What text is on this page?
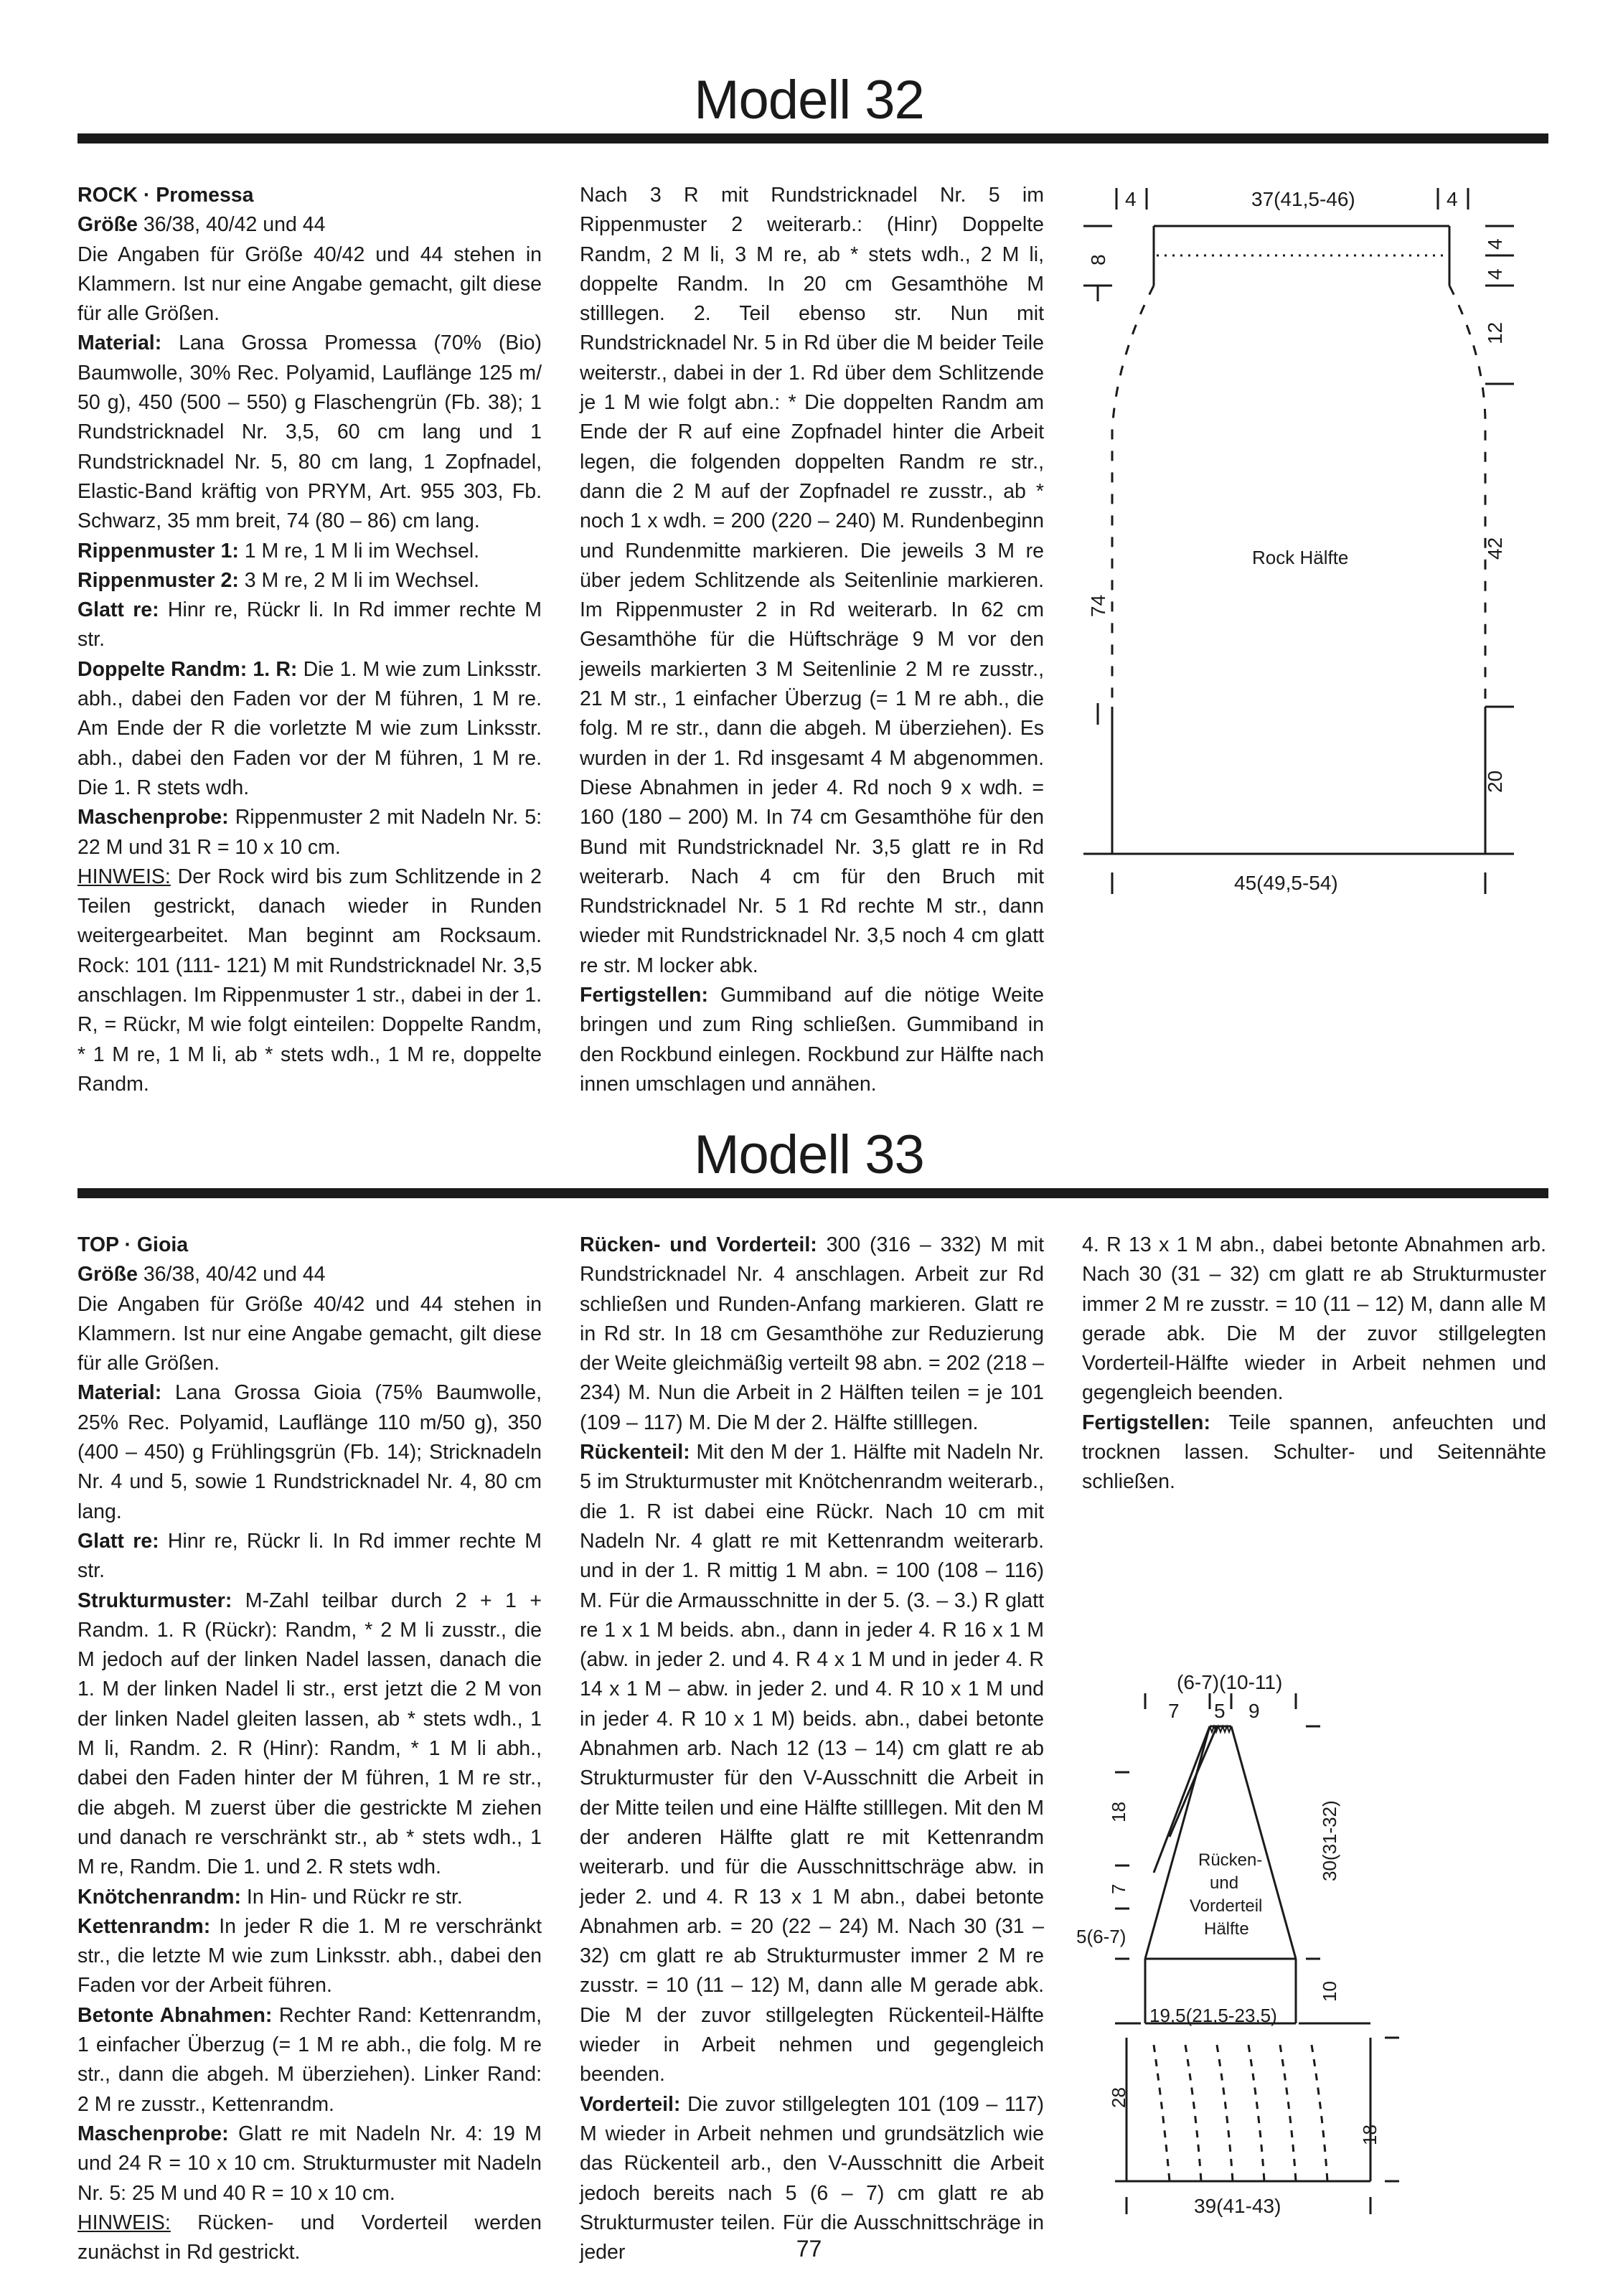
Modell 32

ROCK · Promessa

Größe 36/38, 40/42 und 44

Die Angaben für Größe 40/42 und 44 stehen in Klammern. Ist nur eine Angabe gemacht, gilt diese für alle Größen.

Material: Lana Grossa Promessa (70% (Bio) Baumwolle, 30% Rec. Polyamid, Lauflänge 125 m/ 50 g), 450 (500 – 550) g Flaschengrün (Fb. 38); 1 Rundstricknadel Nr. 3,5, 60 cm lang und 1 Rundstricknadel Nr. 5, 80 cm lang, 1 Zopfnadel, Elastic-Band kräftig von PRYM, Art. 955 303, Fb. Schwarz, 35 mm breit, 74 (80 – 86) cm lang.

Rippenmuster 1: 1 M re, 1 M li im Wechsel.

Rippenmuster 2: 3 M re, 2 M li im Wechsel.

Glatt re: Hinr re, Rückr li. In Rd immer rechte M str.

Doppelte Randm: 1. R: Die 1. M wie zum Linksstr. abh., dabei den Faden vor der M führen, 1 M re. Am Ende der R die vorletzte M wie zum Linksstr. abh., dabei den Faden vor der M führen, 1 M re. Die 1. R stets wdh.

Maschenprobe: Rippenmuster 2 mit Nadeln Nr. 5: 22 M und 31 R = 10 x 10 cm.

HINWEIS: Der Rock wird bis zum Schlitzende in 2 Teilen gestrickt, danach wieder in Runden weitergearbeitet. Man beginnt am Rocksaum. Rock: 101 (111- 121) M mit Rundstricknadel Nr. 3,5 anschlagen. Im Rippenmuster 1 str., dabei in der 1. R, = Rückr, M wie folgt einteilen: Doppelte Randm, * 1 M re, 1 M li, ab * stets wdh., 1 M re, doppelte Randm.

Nach 3 R mit Rundstricknadel Nr. 5 im Rippenmuster 2 weiterarb.: (Hinr) Doppelte Randm, 2 M li, 3 M re, ab * stets wdh., 2 M li, doppelte Randm. In 20 cm Gesamthöhe M stilllegen. 2. Teil ebenso str. Nun mit Rundstricknadel Nr. 5 in Rd über die M beider Teile weiterstr., dabei in der 1. Rd über dem Schlitzende je 1 M wie folgt abn.: * Die doppelten Randm am Ende der R auf eine Zopfnadel hinter die Arbeit legen, die folgenden doppelten Randm re str., dann die 2 M auf der Zopfnadel re zusstr., ab * noch 1 x wdh. = 200 (220 – 240) M. Rundenbeginn und Rundenmitte markieren. Die jeweils 3 M re über jedem Schlitzende als Seitenlinie markieren. Im Rippenmuster 2 in Rd weiterarb. In 62 cm Gesamthöhe für die Hüftschräge 9 M vor den jeweils markierten 3 M Seitenlinie 2 M re zusstr., 21 M str., 1 einfacher Überzug (= 1 M re abh., die folg. M re str., dann die abgeh. M überziehen). Es wurden in der 1. Rd insgesamt 4 M abgenommen. Diese Abnahmen in jeder 4. Rd noch 9 x wdh. = 160 (180 – 200) M. In 74 cm Gesamthöhe für den Bund mit Rundstricknadel Nr. 3,5 glatt re in Rd weiterarb. Nach 4 cm für den Bruch mit Rundstricknadel Nr. 5 1 Rd rechte M str., dann wieder mit Rundstricknadel Nr. 3,5 noch 4 cm glatt re str. M locker abk.

Fertigstellen: Gummiband auf die nötige Weite bringen und zum Ring schließen. Gummiband in den Rockbund einlegen. Rockbund zur Hälfte nach innen umschlagen und annähen.

4	37(41,5-46)	4
8
74
4
4
12
42
20
Rock Hälfte
45(49,5-54)
Modell 33

TOP · Gioia

Größe 36/38, 40/42 und 44

Die Angaben für Größe 40/42 und 44 stehen in Klammern. Ist nur eine Angabe gemacht, gilt diese für alle Größen.

Material: Lana Grossa Gioia (75% Baumwolle, 25% Rec. Polyamid, Lauflänge 110 m/50 g), 350 (400 – 450) g Frühlingsgrün (Fb. 14); Stricknadeln Nr. 4 und 5, sowie 1 Rundstricknadel Nr. 4, 80 cm lang.

Glatt re: Hinr re, Rückr li. In Rd immer rechte M str.

Strukturmuster: M-Zahl teilbar durch 2 + 1 + Randm. 1. R (Rückr): Randm, * 2 M li zusstr., die M jedoch auf der linken Nadel lassen, danach die 1. M der linken Nadel li str., erst jetzt die 2 M von der linken Nadel gleiten lassen, ab * stets wdh., 1 M li, Randm. 2. R (Hinr): Randm, * 1 M li abh., dabei den Faden hinter der M führen, 1 M re str., die abgeh. M zuerst über die gestrickte M ziehen und danach re verschränkt str., ab * stets wdh., 1 M re, Randm. Die 1. und 2. R stets wdh.

Knötchenrandm: In Hin- und Rückr re str.

Kettenrandm: In jeder R die 1. M re verschränkt str., die letzte M wie zum Linksstr. abh., dabei den Faden vor der Arbeit führen.

Betonte Abnahmen: Rechter Rand: Kettenrandm, 1 einfacher Überzug (= 1 M re abh., die folg. M re str., dann die abgeh. M überziehen). Linker Rand: 2 M re zusstr., Kettenrandm.

Maschenprobe: Glatt re mit Nadeln Nr. 4: 19 M und 24 R = 10 x 10 cm. Strukturmuster mit Nadeln Nr. 5: 25 M und 40 R = 10 x 10 cm.

HINWEIS: Rücken- und Vorderteil werden zunächst in Rd gestrickt.

Rücken- und Vorderteil: 300 (316 – 332) M mit Rundstricknadel Nr. 4 anschlagen. Arbeit zur Rd schließen und Runden-Anfang markieren. Glatt re in Rd str. In 18 cm Gesamthöhe zur Reduzierung der Weite gleichmäßig verteilt 98 abn. = 202 (218 – 234) M. Nun die Arbeit in 2 Hälften teilen = je 101 (109 – 117) M. Die M der 2. Hälfte stilllegen.

Rückenteil: Mit den M der 1. Hälfte mit Nadeln Nr. 5 im Strukturmuster mit Knötchenrandm weiterarb., die 1. R ist dabei eine Rückr. Nach 10 cm mit Nadeln Nr. 4 glatt re mit Kettenrandm weiterarb. und in der 1. R mittig 1 M abn. = 100 (108 – 116) M. Für die Armausschnitte in der 5. (3. – 3.) R glatt re 1 x 1 M beids. abn., dann in jeder 4. R 16 x 1 M (abw. in jeder 2. und 4. R 4 x 1 M und in jeder 4. R 14 x 1 M – abw. in jeder 2. und 4. R 10 x 1 M und in jeder 4. R 10 x 1 M) beids. abn., dabei betonte Abnahmen arb. Nach 12 (13 – 14) cm glatt re ab Strukturmuster für den V-Ausschnitt die Arbeit in der Mitte teilen und eine Hälfte stilllegen. Mit den M der anderen Hälfte glatt re mit Kettenrandm weiterarb. und für die Ausschnittschräge abw. in jeder 2. und 4. R 13 x 1 M abn., dabei betonte Abnahmen arb. = 20 (22 – 24) M. Nach 30 (31 – 32) cm glatt re ab Strukturmuster immer 2 M re zusstr. = 10 (11 – 12) M, dann alle M gerade abk. Die M der zuvor stillgelegten Rückenteil-Hälfte wieder in Arbeit nehmen und gegengleich beenden.

Vorderteil: Die zuvor stillgelegten 101 (109 – 117) M wieder in Arbeit nehmen und grundsätzlich wie das Rückenteil arb., den V-Ausschnitt die Arbeit jedoch bereits nach 5 (6 – 7) cm glatt re ab Strukturmuster teilen. Für die Ausschnittschräge in jeder

4. R 13 x 1 M abn., dabei betonte Abnahmen arb. Nach 30 (31 – 32) cm glatt re ab Strukturmuster immer 2 M re zusstr. = 10 (11 – 12) M, dann alle M gerade abk. Die M der zuvor stillgelegten Vorderteil-Hälfte wieder in Arbeit nehmen und gegengleich beenden.

Fertigstellen: Teile spannen, anfeuchten und trocknen lassen. Schulter- und Seitennähte schließen.

(6-7)(10-11)
7 5 9
18
7
5(6-7)
28
30(31-32)
10
18
Rücken-
und
Vorderteil
Hälfte
19,5(21,5-23,5)
39(41-43)
77
